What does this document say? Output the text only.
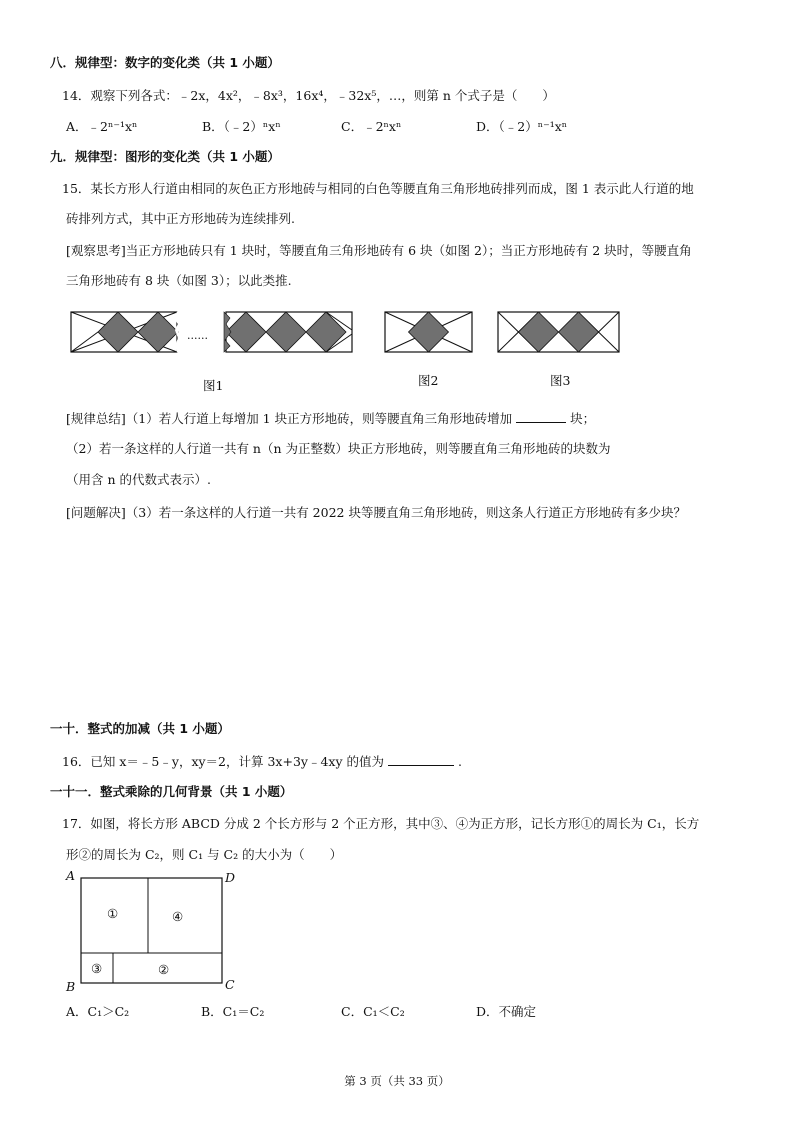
八．规律型：数字的变化类（共 1 小题）
14．观察下列各式：﹣2x，4x²，﹣8x³，16x⁴，﹣32x⁵，…，则第 n 个式子是（　　）
A．﹣2ⁿ⁻¹xⁿ	B．（﹣2）ⁿxⁿ	C．﹣2ⁿxⁿ	D．（﹣2）ⁿ⁻¹xⁿ
九．规律型：图形的变化类（共 1 小题）
15．某长方形人行道由相同的灰色正方形地砖与相同的白色等腰直角三角形地砖排列而成，图 1 表示此人行道的地
砖排列方式，其中正方形地砖为连续排列.
[观察思考]当正方形地砖只有 1 块时，等腰直角三角形地砖有 6 块（如图 2）；当正方形地砖有 2 块时，等腰直角
三角形地砖有 8 块（如图 3）；以此类推.
......
图1	图2	图3
[规律总结]（1）若人行道上每增加 1 块正方形地砖，则等腰直角三角形地砖增加	块；
（2）若一条这样的人行道一共有 n（n 为正整数）块正方形地砖，则等腰直角三角形地砖的块数为
（用含 n 的代数式表示）.
[问题解决]（3）若一条这样的人行道一共有 2022 块等腰直角三角形地砖，则这条人行道正方形地砖有多少块？
一十．整式的加减（共 1 小题）
16．已知 x＝﹣5﹣y，xy＝2，计算 3x+3y﹣4xy 的值为	.
一十一．整式乘除的几何背景（共 1 小题）
17．如图，将长方形 ABCD 分成 2 个长方形与 2 个正方形，其中③、④为正方形，记长方形①的周长为 C₁，长方
形②的周长为 C₂，则 C₁ 与 C₂ 的大小为（　　）
A	D
B	C
①	④
③	②
A．C₁＞C₂	B．C₁＝C₂	C．C₁＜C₂	D．不确定
第 3 页（共 33 页）
